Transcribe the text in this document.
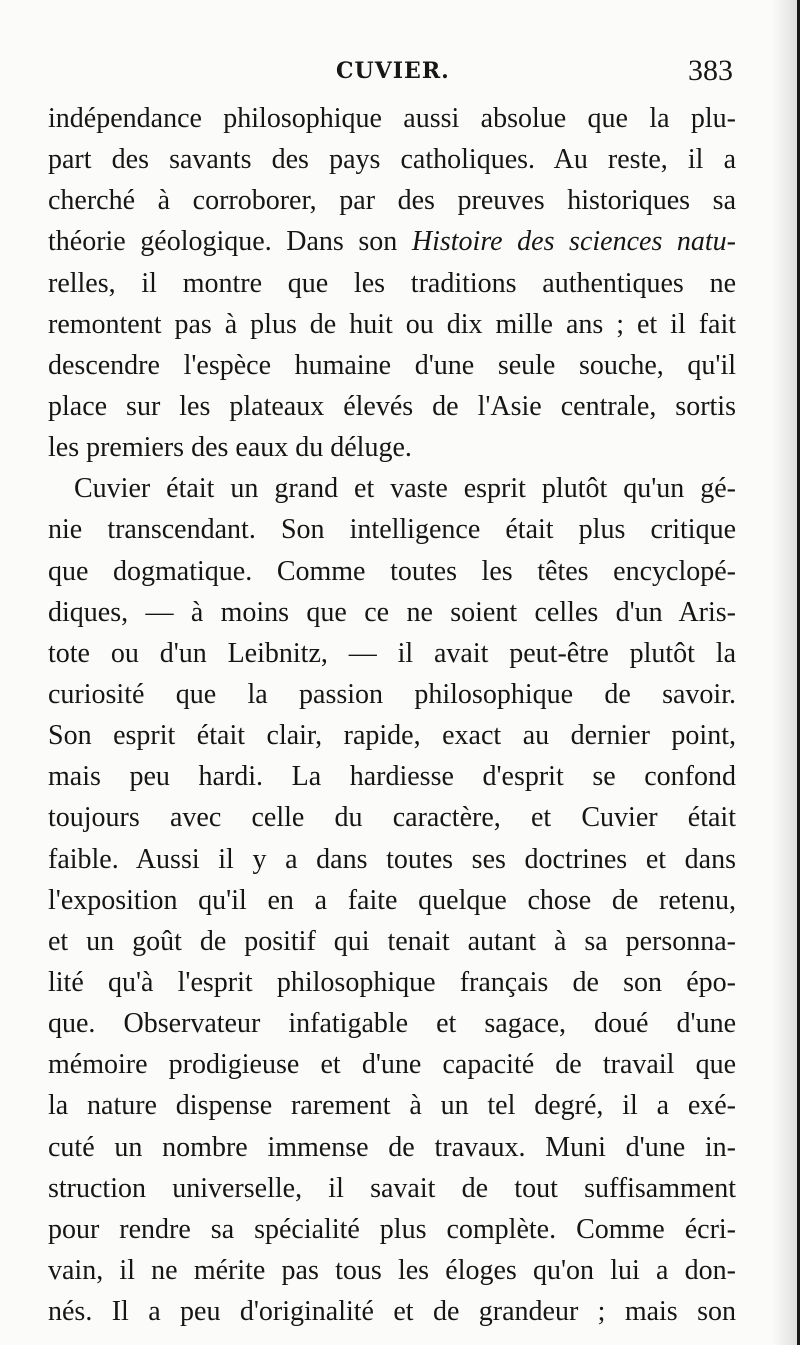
CUVIER.	383
indépendance philosophique aussi absolue que la plu-
part des savants des pays catholiques. Au reste, il a
cherché à corroborer, par des preuves historiques sa
théorie géologique. Dans son Histoire des sciences natu-
relles, il montre que les traditions authentiques ne
remontent pas à plus de huit ou dix mille ans ; et il fait
descendre l'espèce humaine d'une seule souche, qu'il
place sur les plateaux élevés de l'Asie centrale, sortis
les premiers des eaux du déluge.
Cuvier était un grand et vaste esprit plutôt qu'un gé-
nie transcendant. Son intelligence était plus critique
que dogmatique. Comme toutes les têtes encyclopé-
diques, — à moins que ce ne soient celles d'un Aris-
tote ou d'un Leibnitz, — il avait peut-être plutôt la
curiosité que la passion philosophique de savoir.
Son esprit était clair, rapide, exact au dernier point,
mais peu hardi. La hardiesse d'esprit se confond
toujours avec celle du caractère, et Cuvier était
faible. Aussi il y a dans toutes ses doctrines et dans
l'exposition qu'il en a faite quelque chose de retenu,
et un goût de positif qui tenait autant à sa personna-
lité qu'à l'esprit philosophique français de son épo-
que. Observateur infatigable et sagace, doué d'une
mémoire prodigieuse et d'une capacité de travail que
la nature dispense rarement à un tel degré, il a exé-
cuté un nombre immense de travaux. Muni d'une in-
struction universelle, il savait de tout suffisamment
pour rendre sa spécialité plus complète. Comme écri-
vain, il ne mérite pas tous les éloges qu'on lui a don-
nés. Il a peu d'originalité et de grandeur ; mais son
